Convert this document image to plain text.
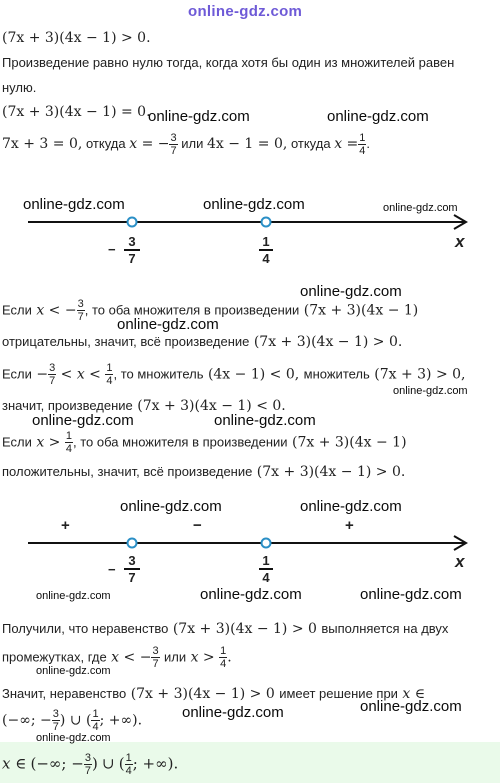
online-gdz.com
(7x + 3)(4x − 1) > 0.
Произведение равно нулю тогда, когда хотя бы один из множителей равен
нулю.
(7x + 3)(4x − 1) = 0.
online-gdz.com	online-gdz.com
7x + 3 = 0, откуда x = − $\frac{3}{7}$ или 4x − 1 = 0, откуда $x = \frac{1}{4}$ .
online-gdz.com	online-gdz.com	online-gdz.com
− $\frac{3}{7}$	$\frac{1}{4}$	x
online-gdz.com
Если x < − $\frac{3}{7}$ , то оба множителя в произведении (7x + 3)(4x − 1)
online-gdz.com
отрицательны, значит, всё произведение (7x + 3)(4x − 1) > 0.
Если − $\frac{3}{7} < x < \frac{1}{4}$ , то множитель (4x − 1) < 0, множитель (7x + 3) > 0,
online-gdz.com
значит, произведение (7x + 3)(4x − 1) < 0.
online-gdz.com	online-gdz.com
Если $x > \frac{1}{4}$ , то оба множителя в произведении (7x + 3)(4x − 1)
положительны, значит, всё произведение (7x + 3)(4x − 1) > 0.
online-gdz.com	online-gdz.com
+	−	+
− $\frac{3}{7}$	$\frac{1}{4}$	x
online-gdz.com	online-gdz.com	online-gdz.com
Получили, что неравенство (7x + 3)(4x − 1) > 0 выполняется на двух
промежутках, где x < − $\frac{3}{7}$ или $x > \frac{1}{4}$ .
online-gdz.com
Значит, неравенство (7x + 3)(4x − 1) > 0 имеет решение при x ∈
(−∞; − $\frac{3}{7}$ ) ∪ ( $\frac{1}{4}$ ; +∞).	online-gdz.com	online-gdz.com
online-gdz.com
x ∈ (−∞; − $\frac{3}{7}$ ) ∪ ( $\frac{1}{4}$ ; +∞).
